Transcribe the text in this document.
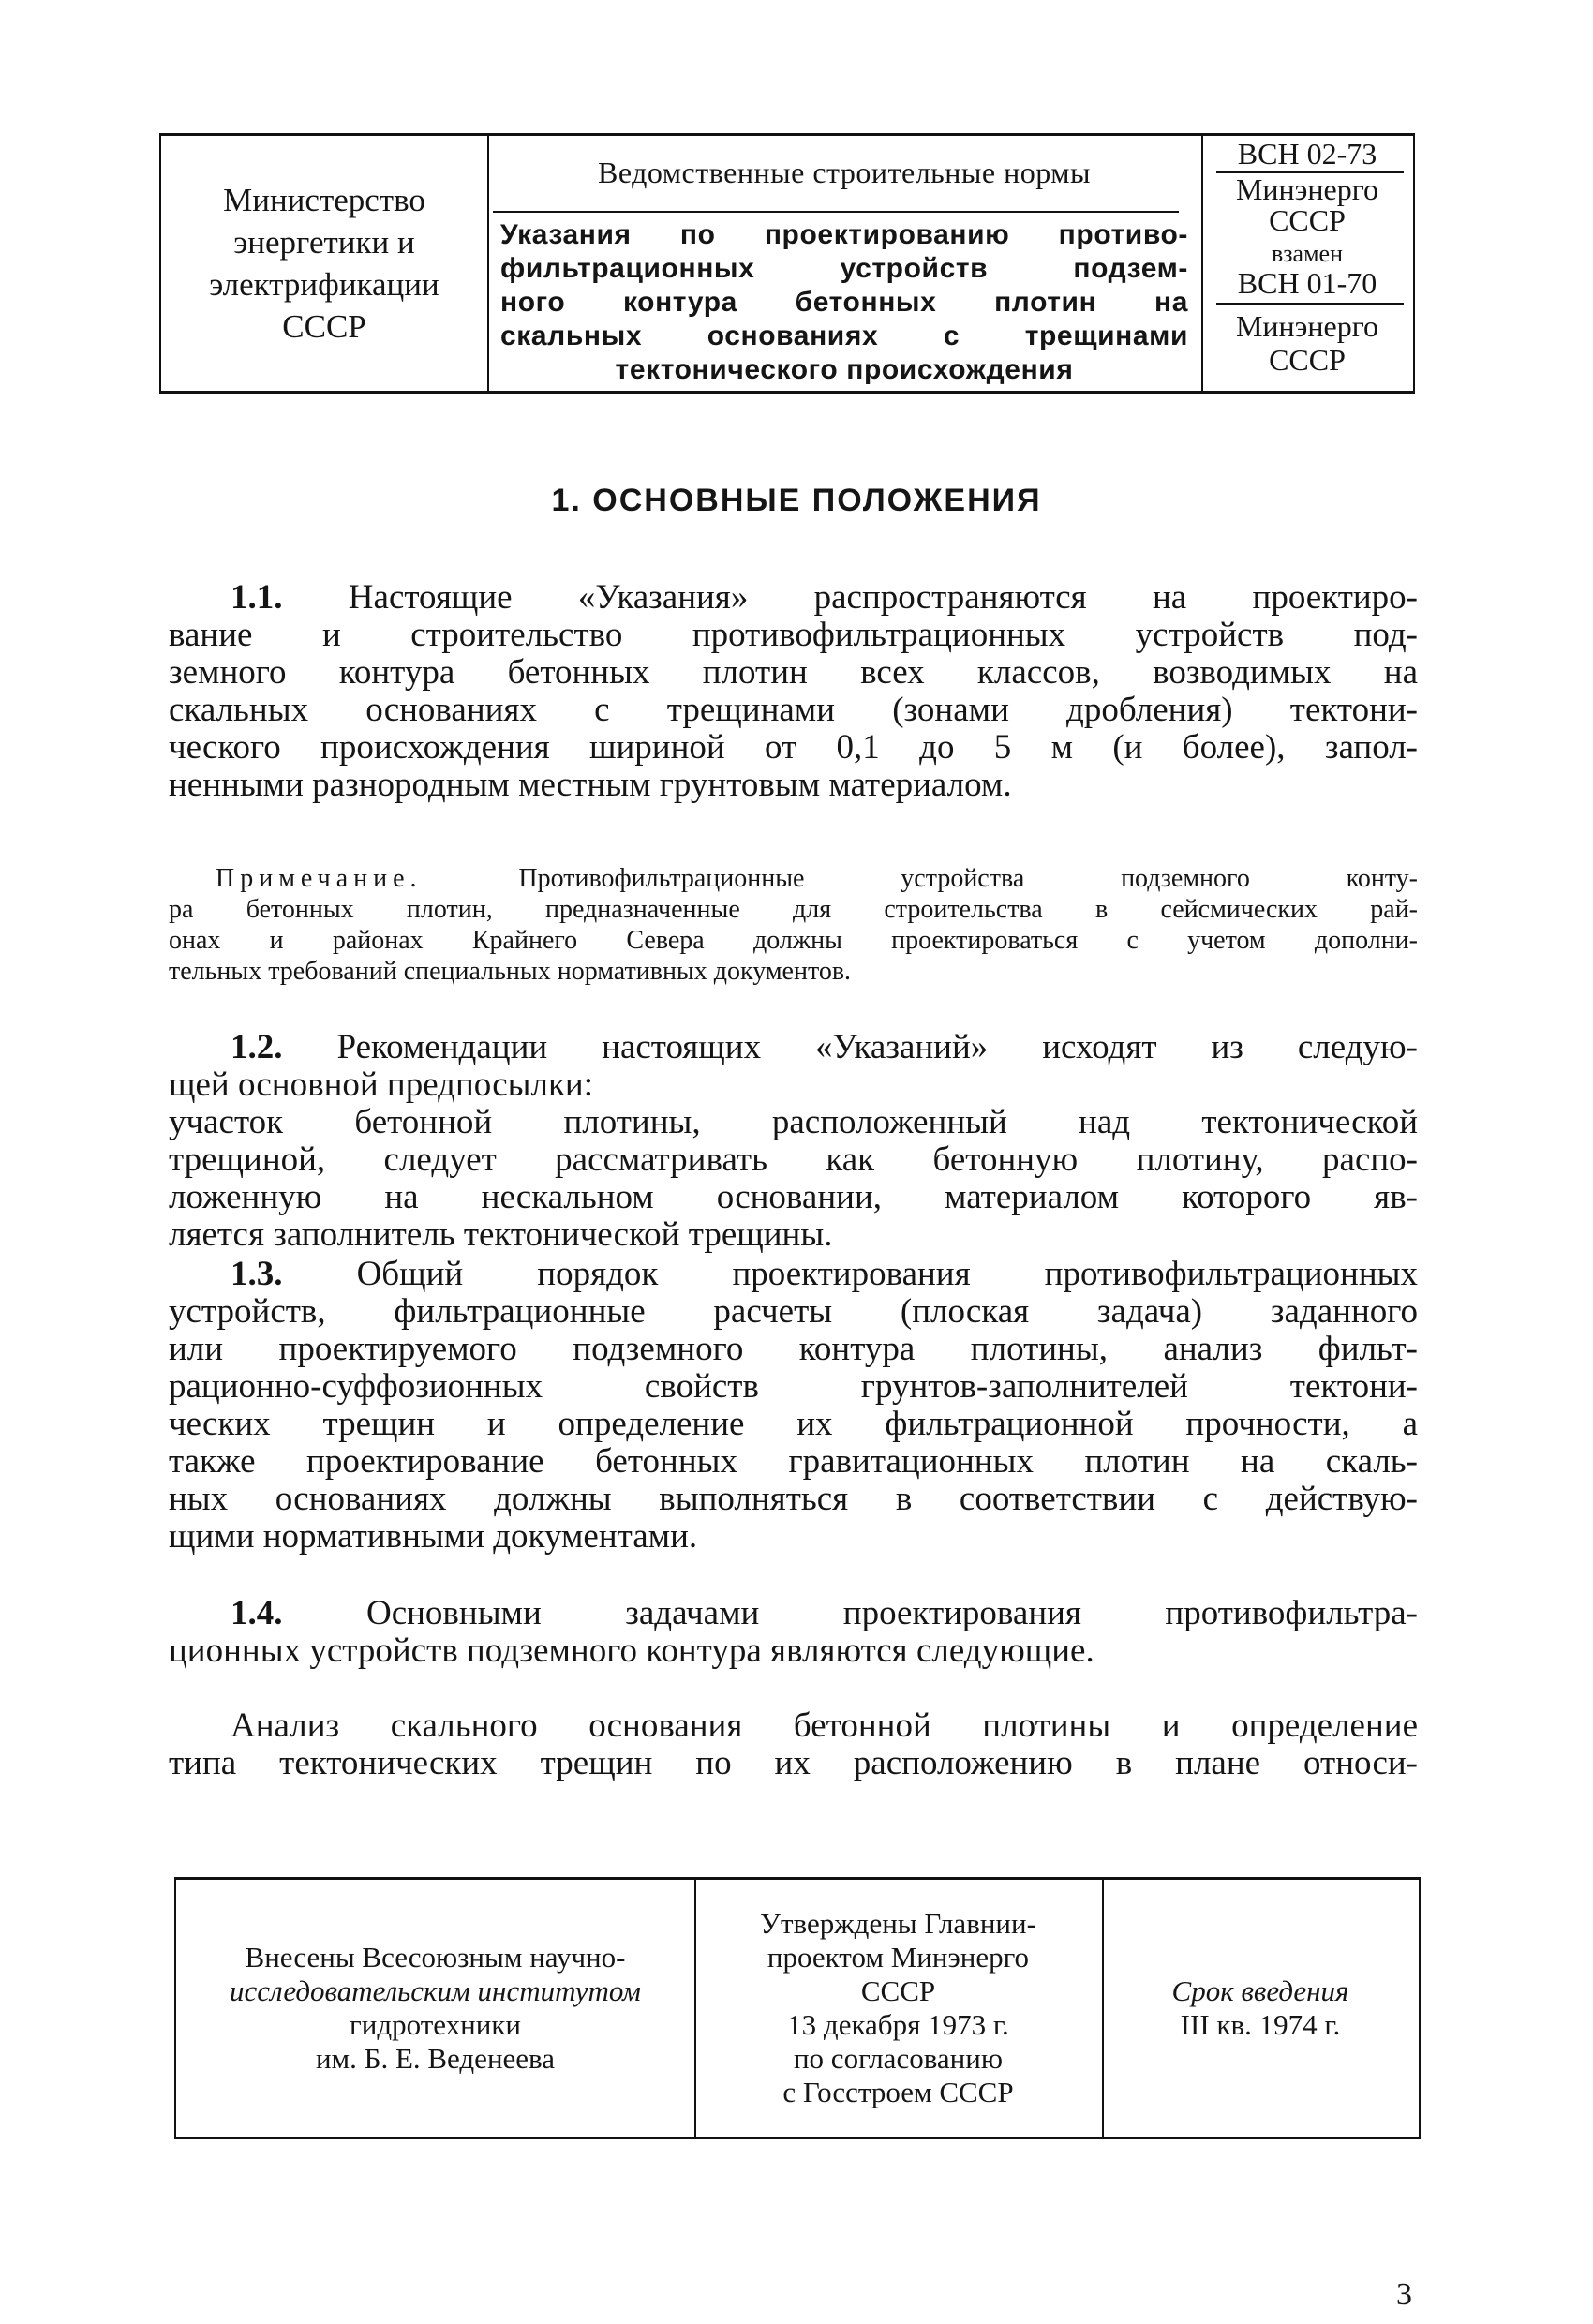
Министерство
энергетики и
электрификации
СССР
Ведомственные строительные нормы
Указания по проектированию противо-
фильтрационных устройств подзем-
ного контура бетонных плотин на
скальных основаниях с трещинами
тектонического происхождения
ВСН 02-73
Минэнерго
СССР
взамен
ВСН 01-70
Минэнерго
СССР
1. ОСНОВНЫЕ ПОЛОЖЕНИЯ
1.1. Настоящие «Указания» распространяются на проектиро-
вание и строительство противофильтрационных устройств под-
земного контура бетонных плотин всех классов, возводимых на
скальных основаниях с трещинами (зонами дробления) тектони-
ческого происхождения шириной от 0,1 до 5 м (и более), запол-
ненными разнородным местным грунтовым материалом.
Примечание. Противофильтрационные устройства подземного конту-
ра бетонных плотин, предназначенные для строительства в сейсмических рай-
онах и районах Крайнего Севера должны проектироваться с учетом дополни-
тельных требований специальных нормативных документов.
1.2. Рекомендации настоящих «Указаний» исходят из следую-
щей основной предпосылки:
участок бетонной плотины, расположенный над тектонической
трещиной, следует рассматривать как бетонную плотину, распо-
ложенную на нескальном основании, материалом которого яв-
ляется заполнитель тектонической трещины.
1.3. Общий порядок проектирования противофильтрационных
устройств, фильтрационные расчеты (плоская задача) заданного
или проектируемого подземного контура плотины, анализ фильт-
рационно-суффозионных свойств грунтов-заполнителей тектони-
ческих трещин и определение их фильтрационной прочности, а
также проектирование бетонных гравитационных плотин на скаль-
ных основаниях должны выполняться в соответствии с действую-
щими нормативными документами.
1.4. Основными задачами проектирования противофильтра-
ционных устройств подземного контура являются следующие.
Анализ скального основания бетонной плотины и определение
типа тектонических трещин по их расположению в плане относи-
Внесены Всесоюзным научно-
исследовательским институтом
гидротехники
им. Б. Е. Веденеева
Утверждены Главнии-
проектом Минэнерго
СССР
13 декабря 1973 г.
по согласованию
с Госстроем СССР
Срок введения
III кв. 1974 г.
3
